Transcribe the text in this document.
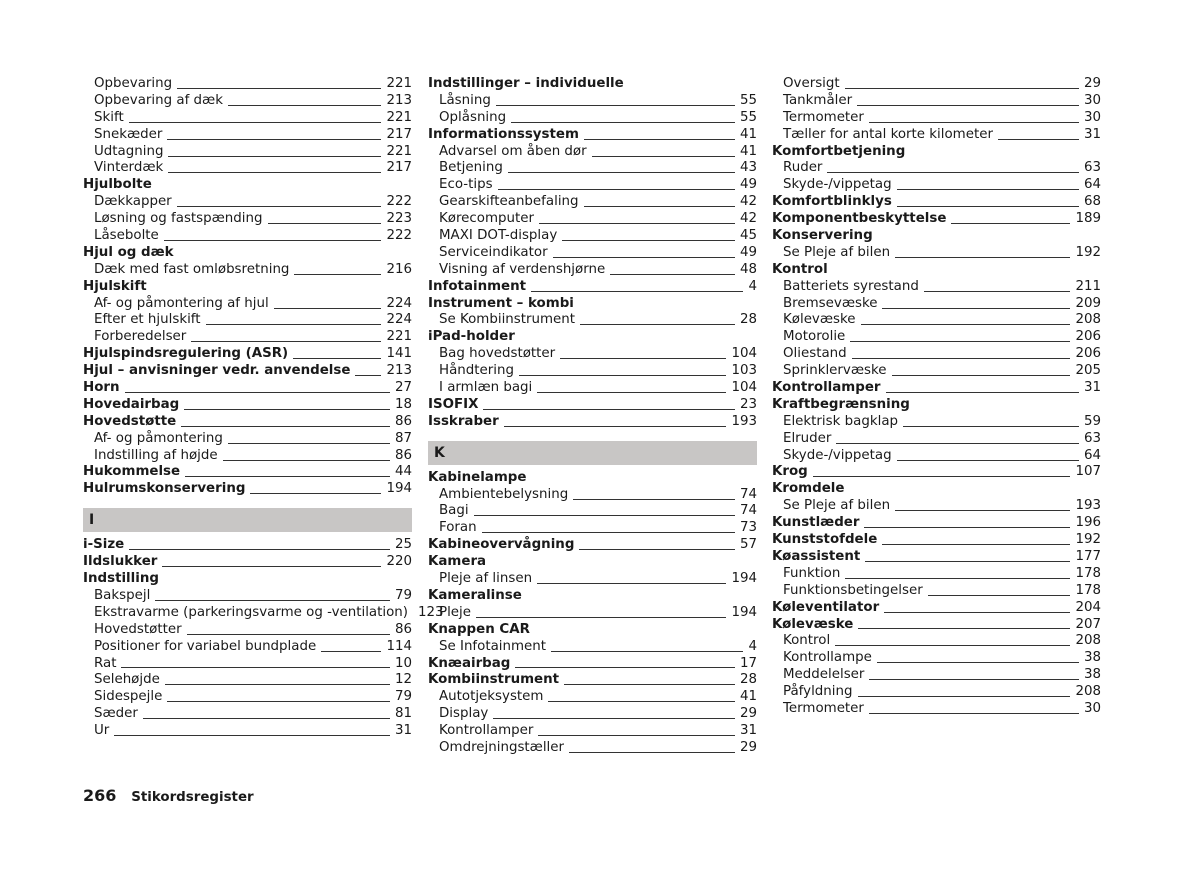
Opbevaring	221
Opbevaring af dæk	213
Skift	221
Snekæder	217
Udtagning	221
Vinterdæk	217
Hjulbolte
Dækkapper	222
Løsning og fastspænding	223
Låsebolte	222
Hjul og dæk
Dæk med fast omløbsretning	216
Hjulskift
Af- og påmontering af hjul	224
Efter et hjulskift	224
Forberedelser	221
Hjulspindsregulering (ASR)	141
Hjul – anvisninger vedr. anvendelse	213
Horn	27
Hovedairbag	18
Hovedstøtte	86
Af- og påmontering	87
Indstilling af højde	86
Hukommelse	44
Hulrumskonservering	194
I
i-Size	25
Ildslukker	220
Indstilling
Bakspejl	79
Ekstravarme (parkeringsvarme og -ventilation) 123
Hovedstøtter	86
Positioner for variabel bundplade	114
Rat	10
Selehøjde	12
Sidespejle	79
Sæder	81
Ur	31
Indstillinger – individuelle
Låsning	55
Oplåsning	55
Informationssystem	41
Advarsel om åben dør	41
Betjening	43
Eco-tips	49
Gearskifteanbefaling	42
Kørecomputer	42
MAXI DOT-display	45
Serviceindikator	49
Visning af verdenshjørne	48
Infotainment	4
Instrument – kombi
Se Kombiinstrument	28
iPad-holder
Bag hovedstøtter	104
Håndtering	103
I armlæn bagi	104
ISOFIX	23
Isskraber	193
K
Kabinelampe
Ambientebelysning	74
Bagi	74
Foran	73
Kabineovervågning	57
Kamera
Pleje af linsen	194
Kameralinse
Pleje	194
Knappen CAR
Se Infotainment	4
Knæairbag	17
Kombiinstrument	28
Autotjeksystem	41
Display	29
Kontrollamper	31
Omdrejningstæller	29
Oversigt	29
Tankmåler	30
Termometer	30
Tæller for antal korte kilometer	31
Komfortbetjening
Ruder	63
Skyde-/vippetag	64
Komfortblinklys	68
Komponentbeskyttelse	189
Konservering
Se Pleje af bilen	192
Kontrol
Batteriets syrestand	211
Bremsevæske	209
Kølevæske	208
Motorolie	206
Oliestand	206
Sprinklervæske	205
Kontrollamper	31
Kraftbegrænsning
Elektrisk bagklap	59
Elruder	63
Skyde-/vippetag	64
Krog	107
Kromdele
Se Pleje af bilen	193
Kunstlæder	196
Kunststofdele	192
Køassistent	177
Funktion	178
Funktionsbetingelser	178
Køleventilator	204
Kølevæske	207
Kontrol	208
Kontrollampe	38
Meddelelser	38
Påfyldning	208
Termometer	30
266 Stikordsregister
